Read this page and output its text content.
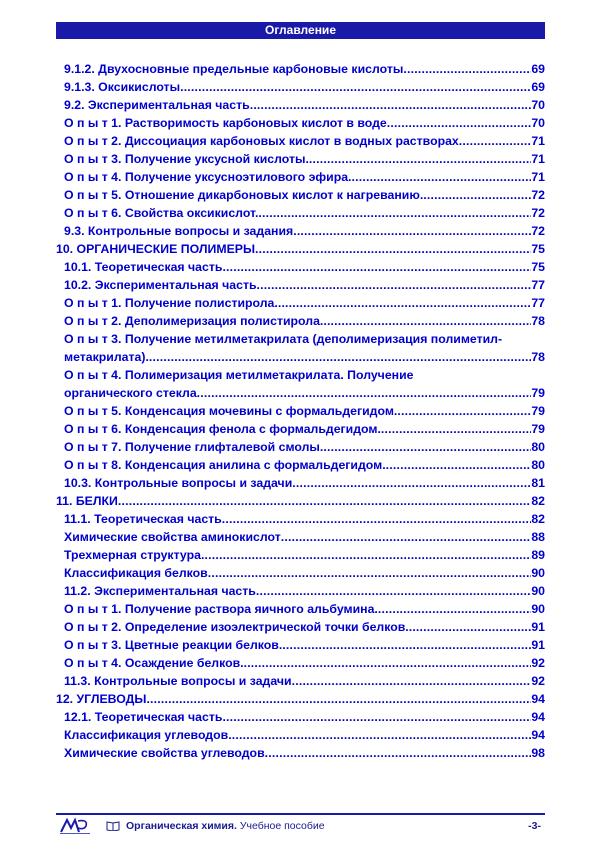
Оглавление
9.1.2. Двухосновные предельные карбоновые кислоты .....	69
9.1.3. Оксикислоты .....	69
9.2. Экспериментальная часть .....	70
О п ы т 1. Растворимость карбоновых кислот в воде .....	70
О п ы т 2. Диссоциация карбоновых кислот в водных растворах .....	71
О п ы т 3. Получение уксусной кислоты. .....	71
О п ы т 4. Получение уксусноэтилового эфира. .....	71
О п ы т 5. Отношение дикарбоновых кислот к нагреванию. .....	72
О п ы т 6. Свойства оксикислот. .....	72
9.3. Контрольные вопросы и задания .....	72
10. ОРГАНИЧЕСКИЕ ПОЛИМЕРЫ .....	75
10.1. Теоретическая часть .....	75
10.2. Экспериментальная часть .....	77
О п ы т 1. Получение полистирола. .....	77
О п ы т 2. Деполимеризация полистирола. .....	78
О п ы т 3. Получение метилметакрилата (деполимеризация полиметил-
метакрилата). .....	78
О п ы т 4. Полимеризация метилметакрилата. Получение
органического стекла .....	79
О п ы т 5. Конденсация мочевины с формальдегидом. .....	79
О п ы т 6. Конденсация фенола с формальдегидом. .....	79
О п ы т 7. Получение глифталевой смолы. .....	80
О п ы т 8. Конденсация анилина с формальдегидом. .....	80
10.3. Контрольные вопросы и задачи .....	81
11. БЕЛКИ .....	82
11.1. Теоретическая часть .....	82
Химические свойства аминокислот .....	88
Трехмерная структура .....	89
Классификация белков .....	90
11.2. Экспериментальная часть .....	90
О п ы т 1. Получение раствора яичного альбумина. .....	90
О п ы т 2. Определение изоэлектрической точки белков. .....	91
О п ы т 3. Цветные реакции белков. .....	91
О п ы т 4. Осаждение белков. .....	92
11.3. Контрольные вопросы и задачи .....	92
12. УГЛЕВОДЫ .....	94
12.1. Теоретическая часть .....	94
Классификация углеводов .....	94
Химические свойства углеводов .....	98
Органическая химия. Учебное пособие	-3-
